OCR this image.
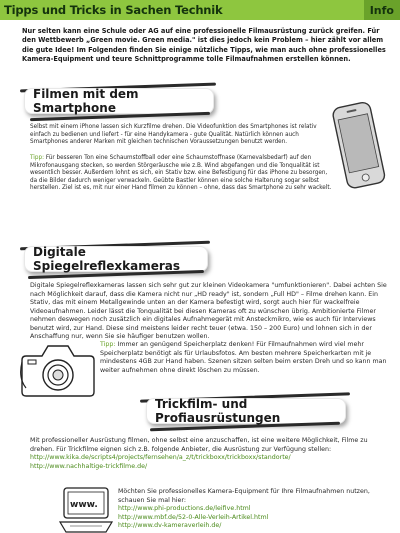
Tipps und Tricks in Sachen Technik	Info

Nur selten kann eine Schule oder AG auf eine professionelle Filmausrüstung zurück greifen. Für den Wettbewerb „Green movie. Green media." ist dies jedoch kein Problem – hier zählt vor allem die gute Idee! Im Folgenden finden Sie einige nützliche Tipps, wie man auch ohne professionelles Kamera-Equipment und teure Schnittprogramme tolle Filmaufnahmen erstellen können.

Filmen mit dem Smartphone

Selbst mit einem iPhone lassen sich Kurzfilme drehen. Die Videofunktion des Smartphones ist relativ einfach zu bedienen und liefert - für eine Handykamera - gute Qualität. Natürlich können auch Smartphones anderer Marken mit gleichen technischen Voraussetzungen benutzt werden.

Tipp: Für besseren Ton eine Schaumstoffball oder eine Schaumstoffnase (Karnevalsbedarf) auf den Mikrofonausgang stecken, so werden Störgeräusche wie z.B. Wind abgefangen und die Tonqualität ist wesentlich besser. Außerdem lohnt es sich, ein Stativ bzw. eine Befestigung für das iPhone zu besorgen, da die Bilder dadurch weniger verwackeln. Geübte Bastler können eine solche Halterung sogar selbst herstellen. Ziel ist es, mit nur einer Hand filmen zu können – ohne, dass das Smartphone zu sehr wackelt.

Digitale Spiegelreflexkameras

Digitale Spiegelreflexkameras lassen sich sehr gut zur kleinen Videokamera "umfunktionieren". Dabei achten Sie nach Möglichkeit darauf, dass die Kamera nicht nur „HD ready" ist, sondern „Full HD" – Filme drehen kann. Ein Stativ, das mit einem Metallgewinde unten an der Kamera befestigt wird, sorgt auch hier für wackelfreie Videoaufnahmen. Leider lässt die Tonqualität bei diesen Kameras oft zu wünschen übrig. Ambitionierte Filmer nehmen deswegen noch zusätzlich ein digitales Aufnahmegerät mit Ansteckmikro, wie es auch für Interviews benutzt wird, zur Hand. Diese sind meistens leider recht teuer (etwa. 150 – 200 Euro) und lohnen sich in der Anschaffung nur, wenn Sie sie häufiger benutzen wollen.

Tipp: Immer an genügend Speicherplatz denken! Für Filmaufnahmen wird viel mehr Speicherplatz benötigt als für Urlaubsfotos. Am besten mehrere Speicherkarten mit je mindestens 4GB zur Hand haben. Szenen sitzen selten beim ersten Dreh und so kann man weiter aufnehmen ohne direkt löschen zu müssen.

Trickfilm- und Profiausrüstungen

Mit professioneller Ausrüstung filmen, ohne selbst eine anzuschaffen, ist eine weitere Möglichkeit, Filme zu drehen. Für Trickfilme eignen sich z.B. folgende Anbieter, die Ausrüstung zur Verfügung stellen:

http://www.kika.de/scripts4/projects/fernsehen/a_z/t/trickboxx/trickboxx/standorte/
http://www.nachhaltige-trickfilme.de/
www.

Möchten Sie professionelles Kamera-Equipment für Ihre Filmaufnahmen nutzen, schauen Sie mal hier:

http://www.phi-productions.de/leifive.html
http://www.mbf.de/52-0-Alle-Verleih-Artikel.html
http://www.dv-kameraverleih.de/
